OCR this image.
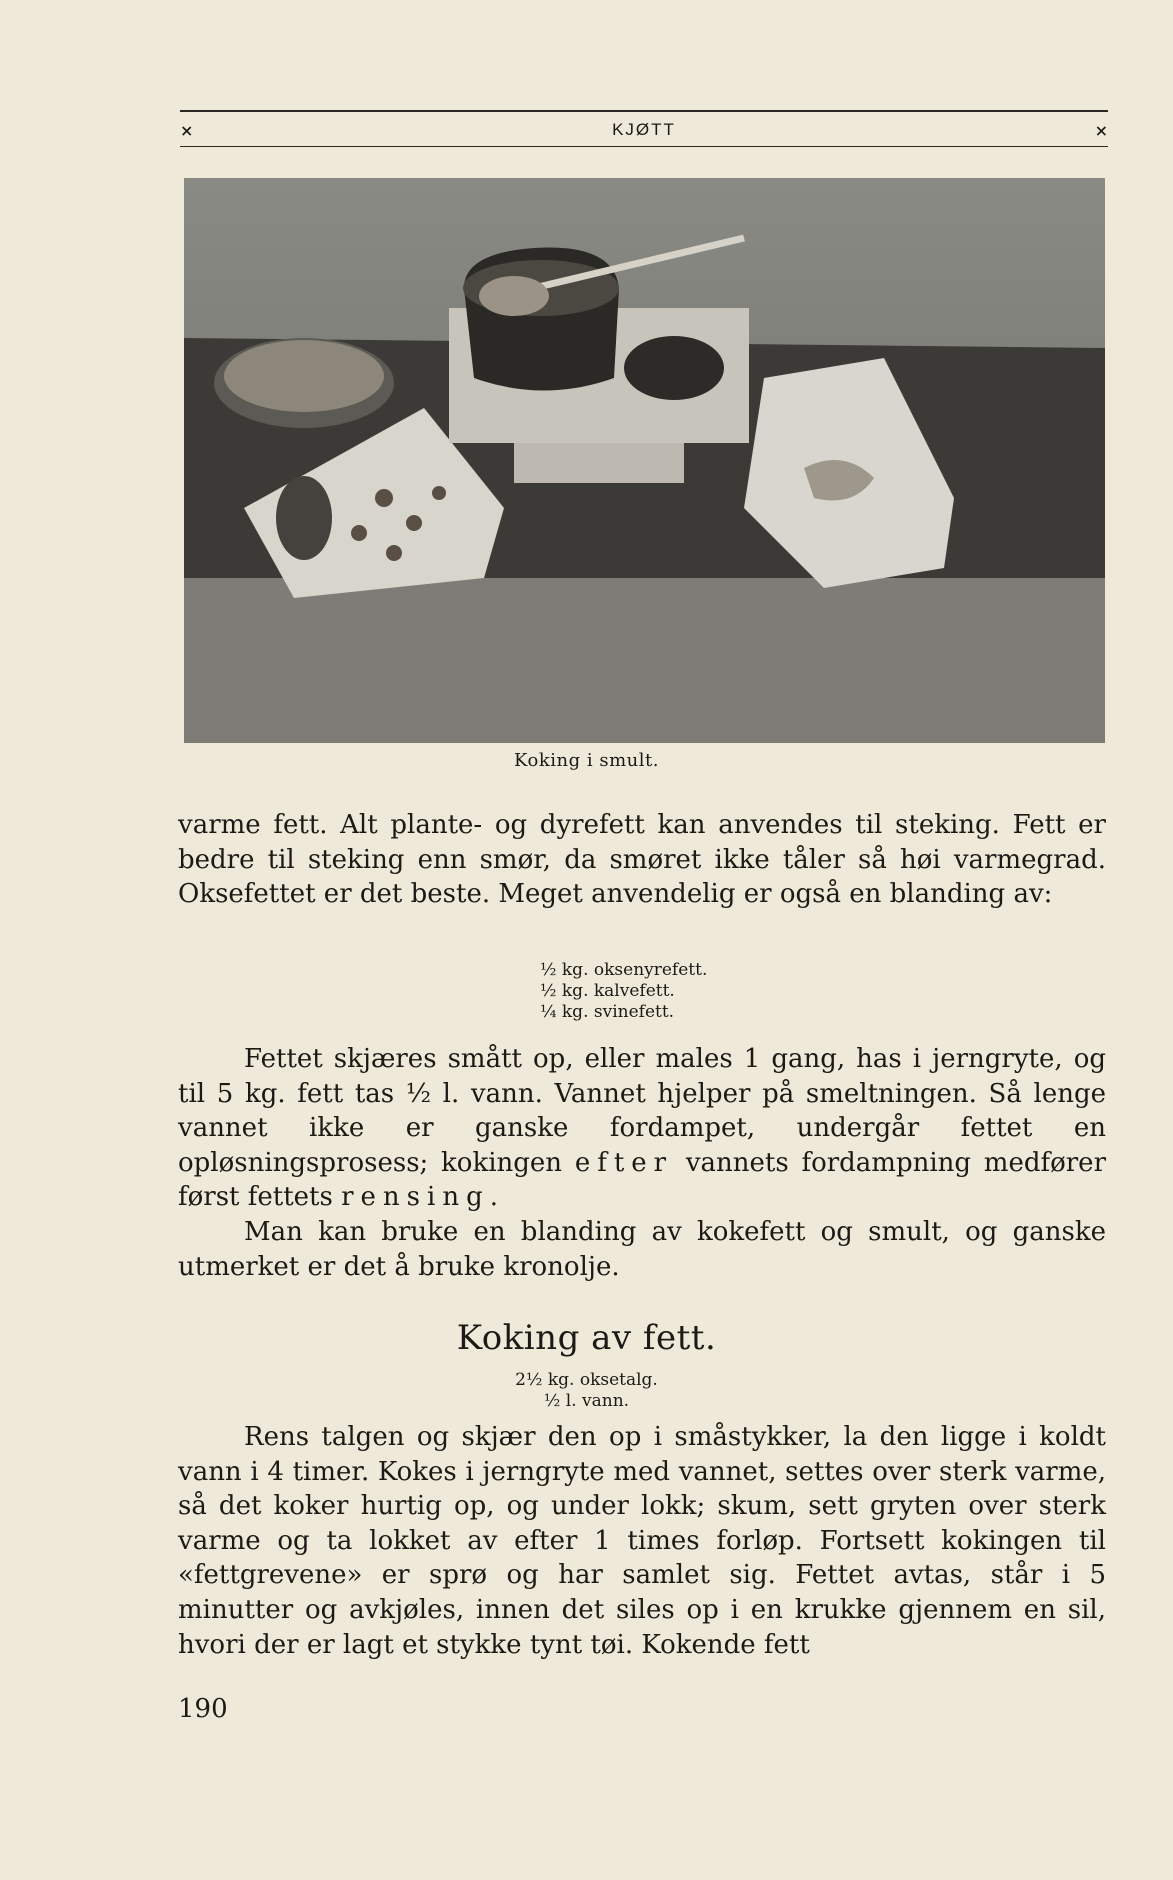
×	KJØTT	×
Koking i smult.

varme fett. Alt plante- og dyrefett kan anvendes til steking. Fett er bedre til steking enn smør, da smøret ikke tåler så høi varmegrad. Oksefettet er det beste. Meget anvendelig er også en blanding av:

½ kg. oksenyrefett.
½ kg. kalvefett.
¼ kg. svinefett.

Fettet skjæres smått op, eller males 1 gang, has i jerngryte, og til 5 kg. fett tas ½ l. vann. Vannet hjelper på smeltningen. Så lenge vannet ikke er ganske fordampet, undergår fettet en opløsningsprosess; kokingen efter vannets fordampning medfører først fettets rensing.

Man kan bruke en blanding av kokefett og smult, og ganske utmerket er det å bruke kronolje.

Koking av fett.
2½ kg. oksetalg.
½ l. vann.

Rens talgen og skjær den op i småstykker, la den ligge i koldt vann i 4 timer. Kokes i jerngryte med vannet, settes over sterk varme, så det koker hurtig op, og under lokk; skum, sett gryten over sterk varme og ta lokket av efter 1 times forløp. Fortsett kokingen til «fettgrevene» er sprø og har samlet sig. Fettet avtas, står i 5 minutter og avkjøles, innen det siles op i en krukke gjennem en sil, hvori der er lagt et stykke tynt tøi. Kokende fett

190
